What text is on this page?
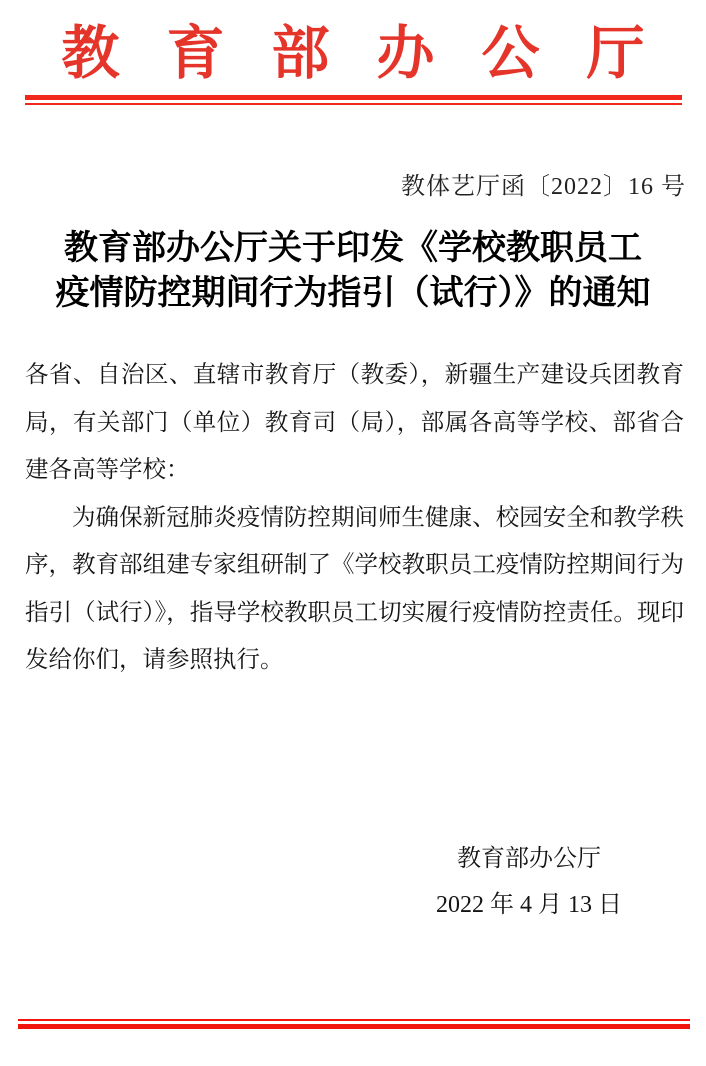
教育部办公厅
教体艺厅函〔2022〕16 号
教育部办公厅关于印发《学校教职员工
疫情防控期间行为指引（试行）》的通知

各省、自治区、直辖市教育厅（教委），新疆生产建设兵团教育局，有关部门（单位）教育司（局），部属各高等学校、部省合建各高等学校：

为确保新冠肺炎疫情防控期间师生健康、校园安全和教学秩序，教育部组建专家组研制了《学校教职员工疫情防控期间行为指引（试行）》，指导学校教职员工切实履行疫情防控责任。现印发给你们，请参照执行。

教育部办公厅
2022 年 4 月 13 日
